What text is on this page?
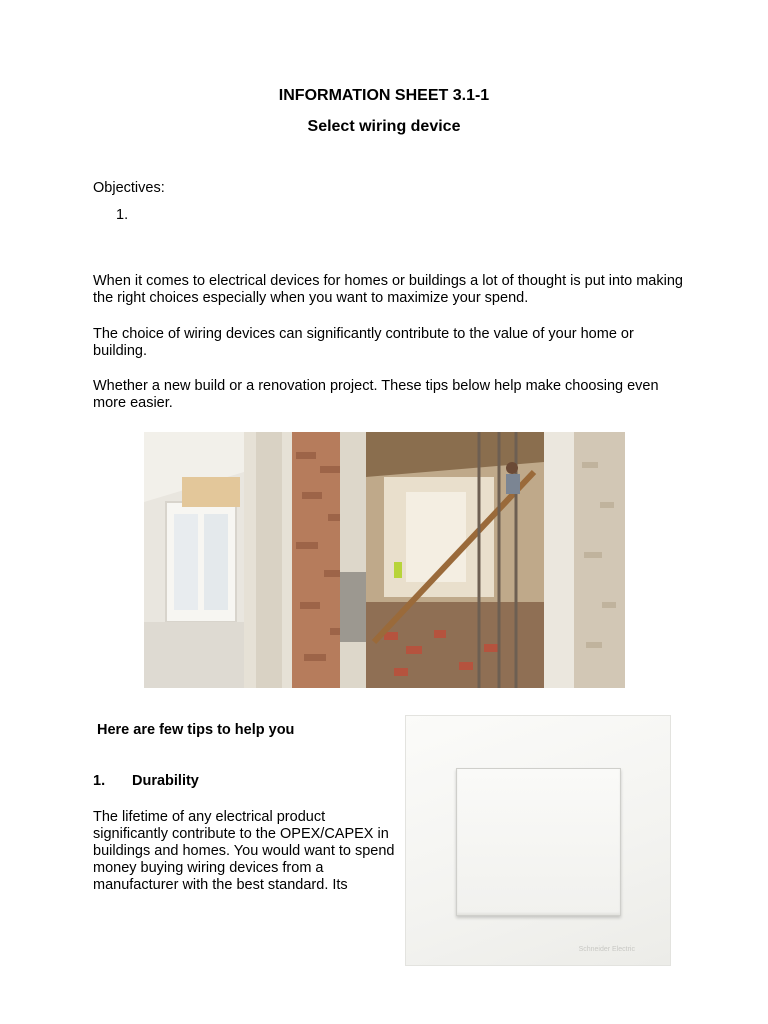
INFORMATION SHEET 3.1-1
Select wiring device
Objectives:
1.
When it comes to electrical devices for homes or buildings a lot of thought is put into making the right choices especially when you want to maximize your spend.
The choice of wiring devices can significantly contribute to the value of your home or building.
Whether a new build or a renovation project. These tips below help make choosing even more easier.
Here are few tips to help you
1. Durability
The lifetime of any electrical product significantly contribute to the OPEX/CAPEX in buildings and homes. You would want to spend money buying wiring devices from a manufacturer with the best standard. Its
Schneider Electric
